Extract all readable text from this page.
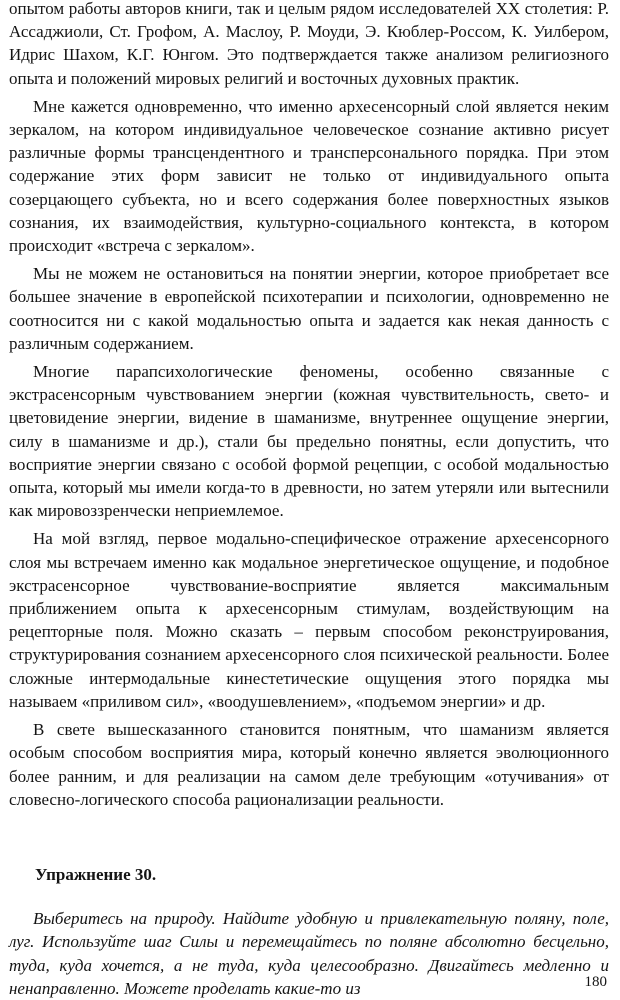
опытом работы авторов книги, так и целым рядом исследователей XX столетия: Р. Ассаджиоли, Ст. Грофом, А. Маслоу, Р. Моуди, Э. Кюблер-Россом, К. Уилбером, Идрис Шахом, К.Г. Юнгом. Это подтверждается также анализом религиозного опыта и положений мировых религий и восточных духовных практик.

Мне кажется одновременно, что именно архесенсорный слой является неким зеркалом, на котором индивидуальное человеческое сознание активно рисует различные формы трансцендентного и трансперсонального порядка. При этом содержание этих форм зависит не только от индивидуального опыта созерцающего субъекта, но и всего содержания более поверхностных языков сознания, их взаимодействия, культурно-социального контекста, в котором происходит «встреча с зеркалом».

Мы не можем не остановиться на понятии энергии, которое приобретает все большее значение в европейской психотерапии и психологии, одновременно не соотносится ни с какой модальностью опыта и задается как некая данность с различным содержанием.

Многие парапсихологические феномены, особенно связанные с экстрасенсорным чувствованием энергии (кожная чувствительность, свето- и цветовидение энергии, видение в шаманизме, внутреннее ощущение энергии, силу в шаманизме и др.), стали бы предельно понятны, если допустить, что восприятие энергии связано с особой формой рецепции, с особой модальностью опыта, который мы имели когда-то в древности, но затем утеряли или вытеснили как мировоззренчески неприемлемое.

На мой взгляд, первое модально-специфическое отражение архесенсорного слоя мы встречаем именно как модальное энергетическое ощущение, и подобное экстрасенсорное чувствование-восприятие является максимальным приближением опыта к архесенсорным стимулам, воздействующим на рецепторные поля. Можно сказать – первым способом реконструирования, структурирования сознанием архесенсорного слоя психической реальности. Более сложные интермодальные кинестетические ощущения этого порядка мы называем «приливом сил», «воодушевлением», «подъемом энергии» и др.

В свете вышесказанного становится понятным, что шаманизм является особым способом восприятия мира, который конечно является эволюционного более ранним, и для реализации на самом деле требующим «отучивания» от словесно-логического способа рационализации реальности.

Упражнение 30.

Выберитесь на природу. Найдите удобную и привлекательную поляну, поле, луг. Используйте шаг Силы и перемещайтесь по поляне абсолютно бесцельно, туда, куда хочется, а не туда, куда целесообразно. Двигайтесь медленно и ненаправленно. Можете проделать какие-то из	180
